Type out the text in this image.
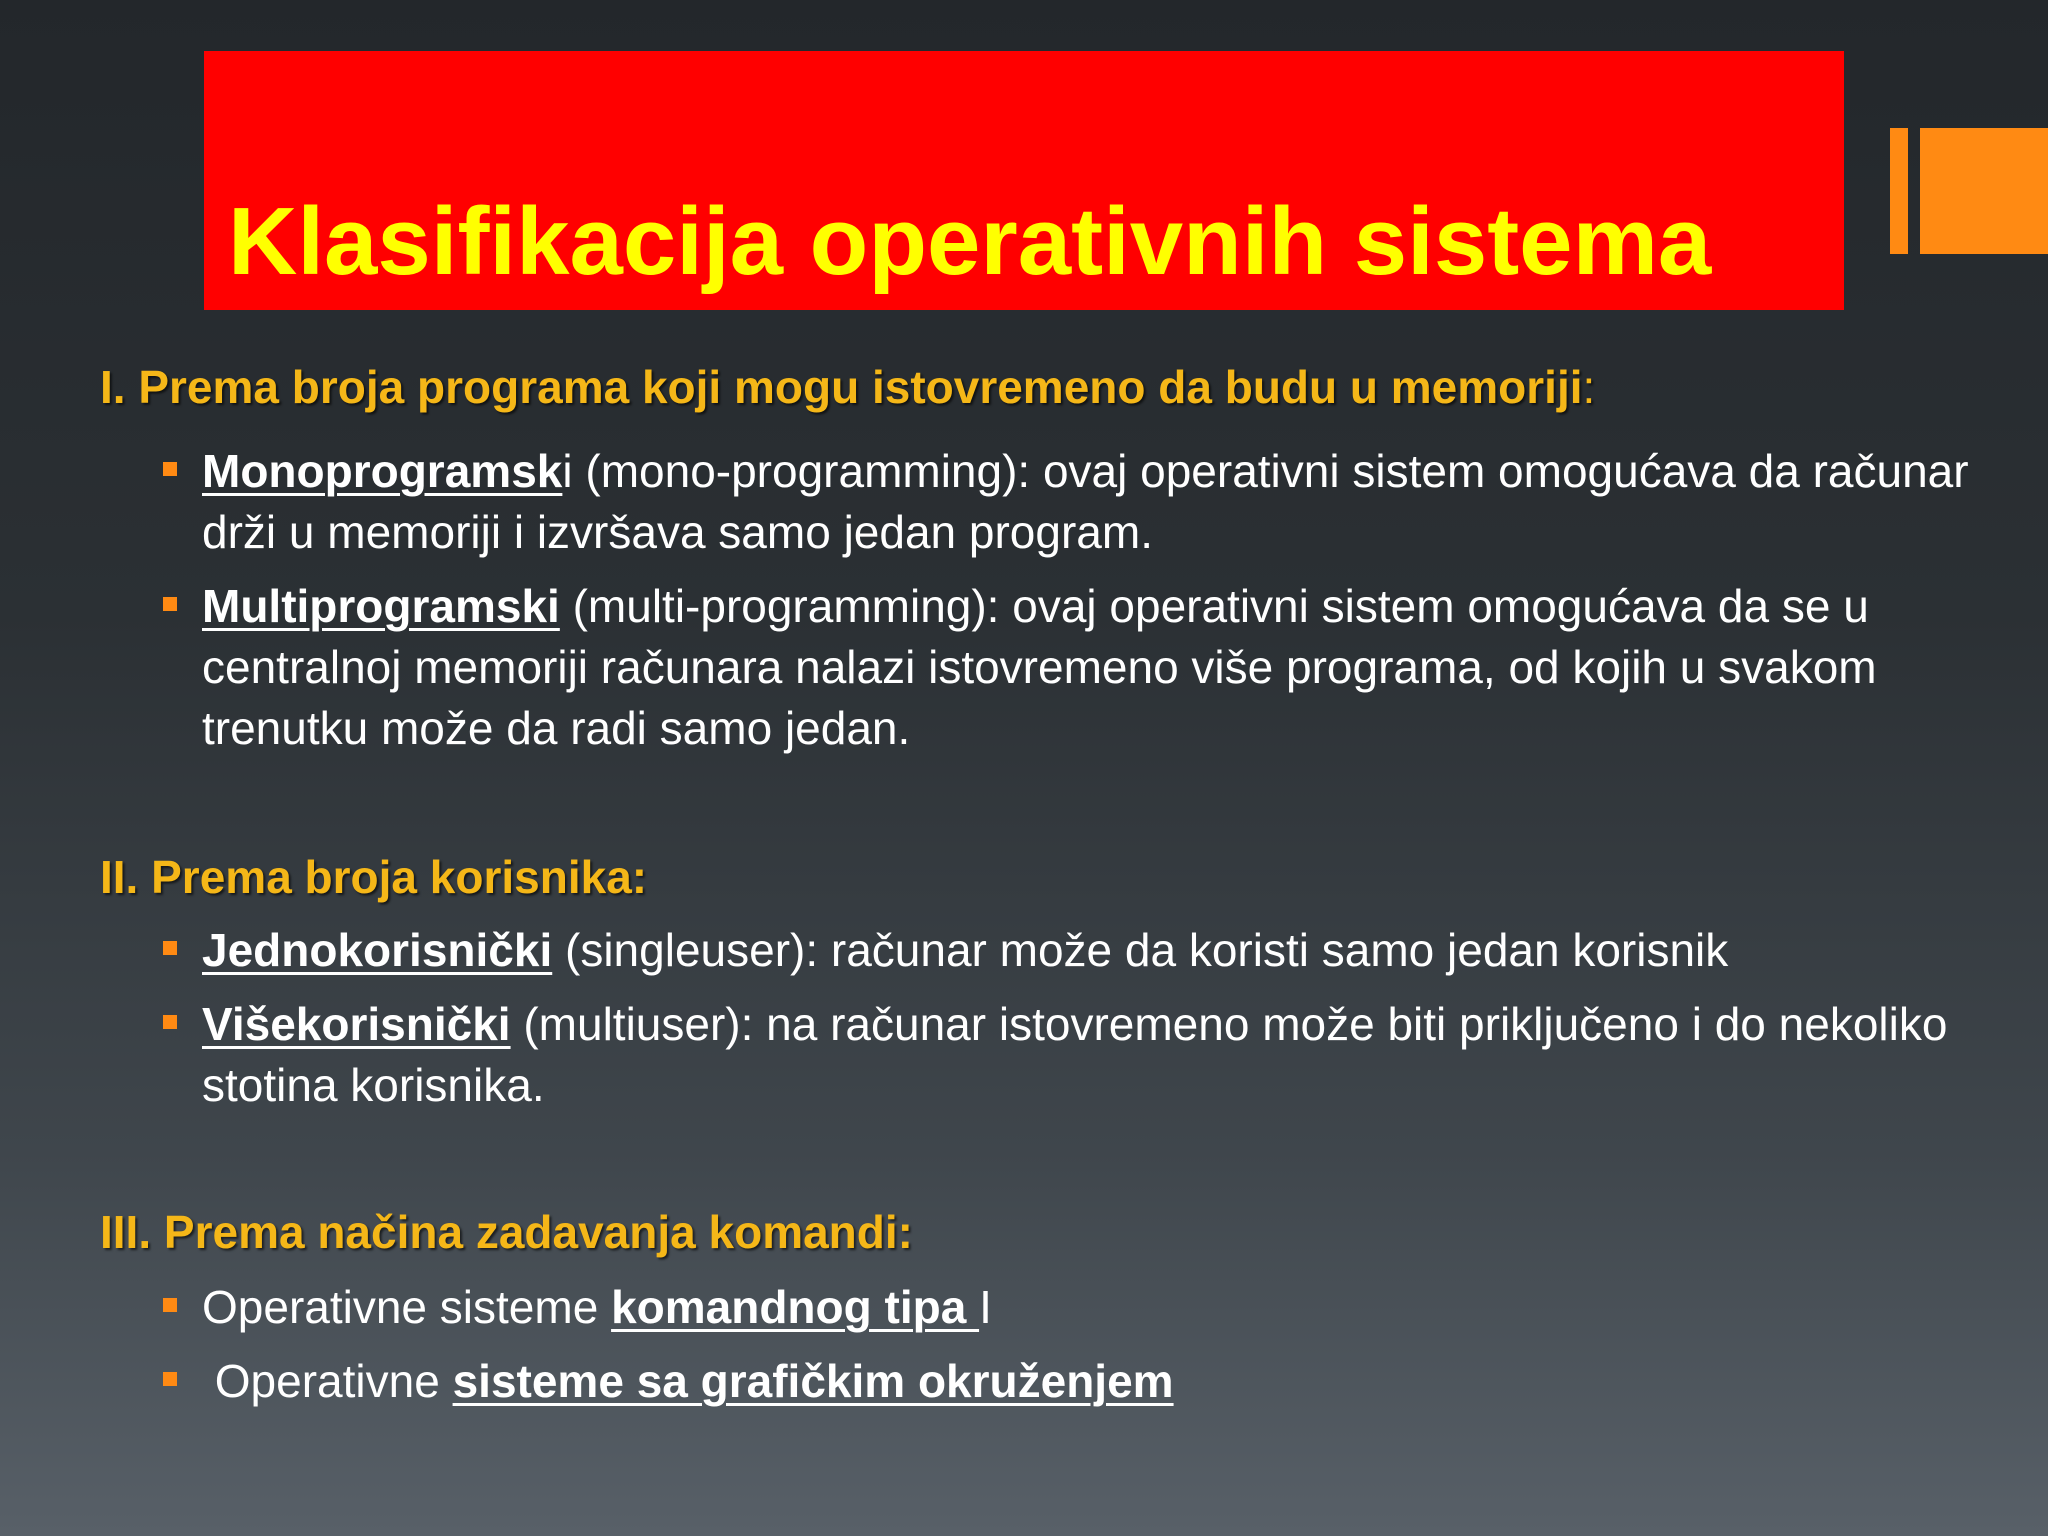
Klasifikacija operativnih sistema
I. Prema broja programa koji mogu istovremeno da budu u memoriji:
Monoprogramski (mono-programming): ovaj operativni sistem omogućava da računar drži u memoriji i izvršava samo jedan program.
Multiprogramski (multi-programming): ovaj operativni sistem omogućava da se u centralnoj memoriji računara nalazi istovremeno više programa, od kojih u svakom trenutku može da radi samo jedan.
II. Prema broja korisnika:
Jednokorisnički (singleuser): računar može da koristi samo jedan korisnik
Višekorisnički (multiuser): na računar istovremeno može biti priključeno i do nekoliko stotina korisnika.
III. Prema načina zadavanja komandi:
Operativne sisteme komandnog tipa I
Operativne sisteme sa grafičkim okruženjem
